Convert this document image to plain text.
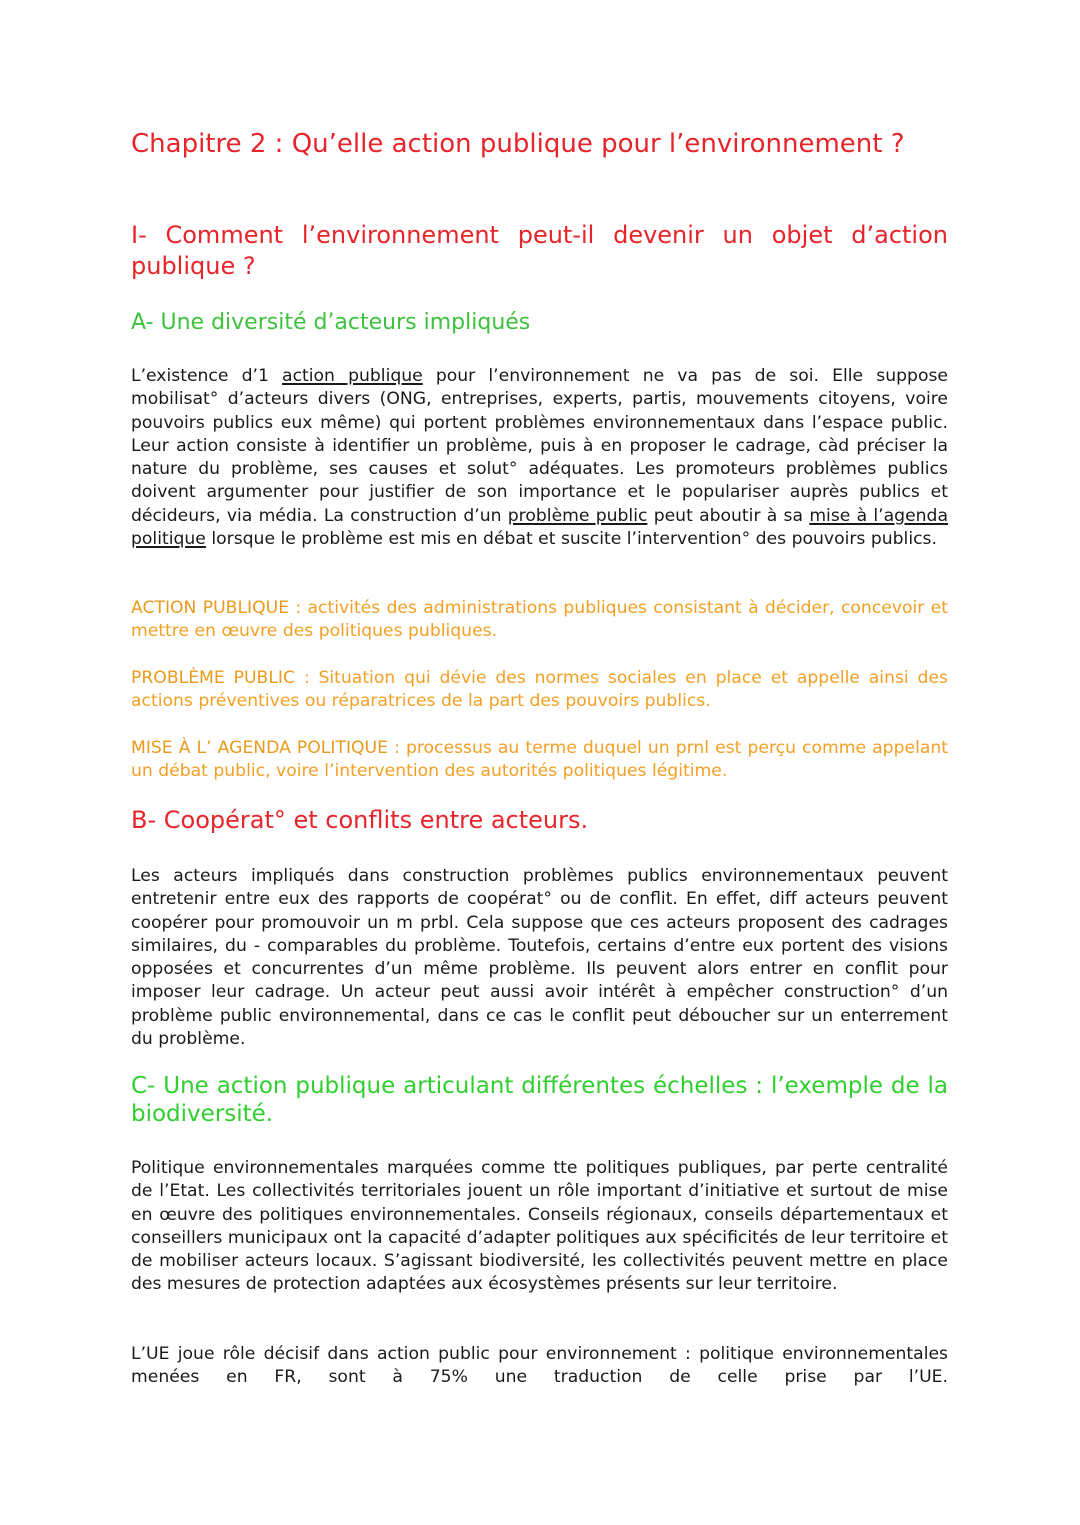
Chapitre 2 : Qu’elle action publique pour l’environnement ?
I- Comment l’environnement peut-il devenir un objet d’action publique ?
A- Une diversité d’acteurs impliqués

L’existence d’1 action publique pour l’environnement ne va pas de soi. Elle suppose mobilisat° d’acteurs divers (ONG, entreprises, experts, partis, mouvements citoyens, voire pouvoirs publics eux même) qui portent problèmes environnementaux dans l’espace public. Leur action consiste à identifier un problème, puis à en proposer le cadrage, càd préciser la nature du problème, ses causes et solut° adéquates. Les promoteurs problèmes publics doivent argumenter pour justifier de son importance et le populariser auprès publics et décideurs, via média. La construction d’un problème public peut aboutir à sa mise à l’agenda politique lorsque le problème est mis en débat et suscite l’intervention° des pouvoirs publics.

ACTION PUBLIQUE : activités des administrations publiques consistant à décider, concevoir et mettre en œuvre des politiques publiques.

PROBLÈME PUBLIC : Situation qui dévie des normes sociales en place et appelle ainsi des actions préventives ou réparatrices de la part des pouvoirs publics.

MISE À L’ AGENDA POLITIQUE : processus au terme duquel un prnl est perçu comme appelant un débat public, voire l’intervention des autorités politiques légitime.

B- Coopérat° et conflits entre acteurs.

Les acteurs impliqués dans construction problèmes publics environnementaux peuvent entretenir entre eux des rapports de coopérat° ou de conflit. En effet, diff acteurs peuvent coopérer pour promouvoir un m prbl. Cela suppose que ces acteurs proposent des cadrages similaires, du - comparables du problème. Toutefois, certains d’entre eux portent des visions opposées et concurrentes d’un même problème. Ils peuvent alors entrer en conflit pour imposer leur cadrage. Un acteur peut aussi avoir intérêt à empêcher construction° d’un problème public environnemental, dans ce cas le conflit peut déboucher sur un enterrement du problème.

C- Une action publique articulant différentes échelles : l’exemple de la biodiversité.

Politique environnementales marquées comme tte politiques publiques, par perte centralité de l’Etat. Les collectivités territoriales jouent un rôle important d’initiative et surtout de mise en œuvre des politiques environnementales. Conseils régionaux, conseils départementaux et conseillers municipaux ont la capacité d’adapter politiques aux spécificités de leur territoire et de mobiliser acteurs locaux. S’agissant biodiversité, les collectivités peuvent mettre en place des mesures de protection adaptées aux écosystèmes présents sur leur territoire.

L’UE joue rôle décisif dans action public pour environnement : politique environnementales menées en FR, sont à 75% une traduction de celle prise par l’UE.
